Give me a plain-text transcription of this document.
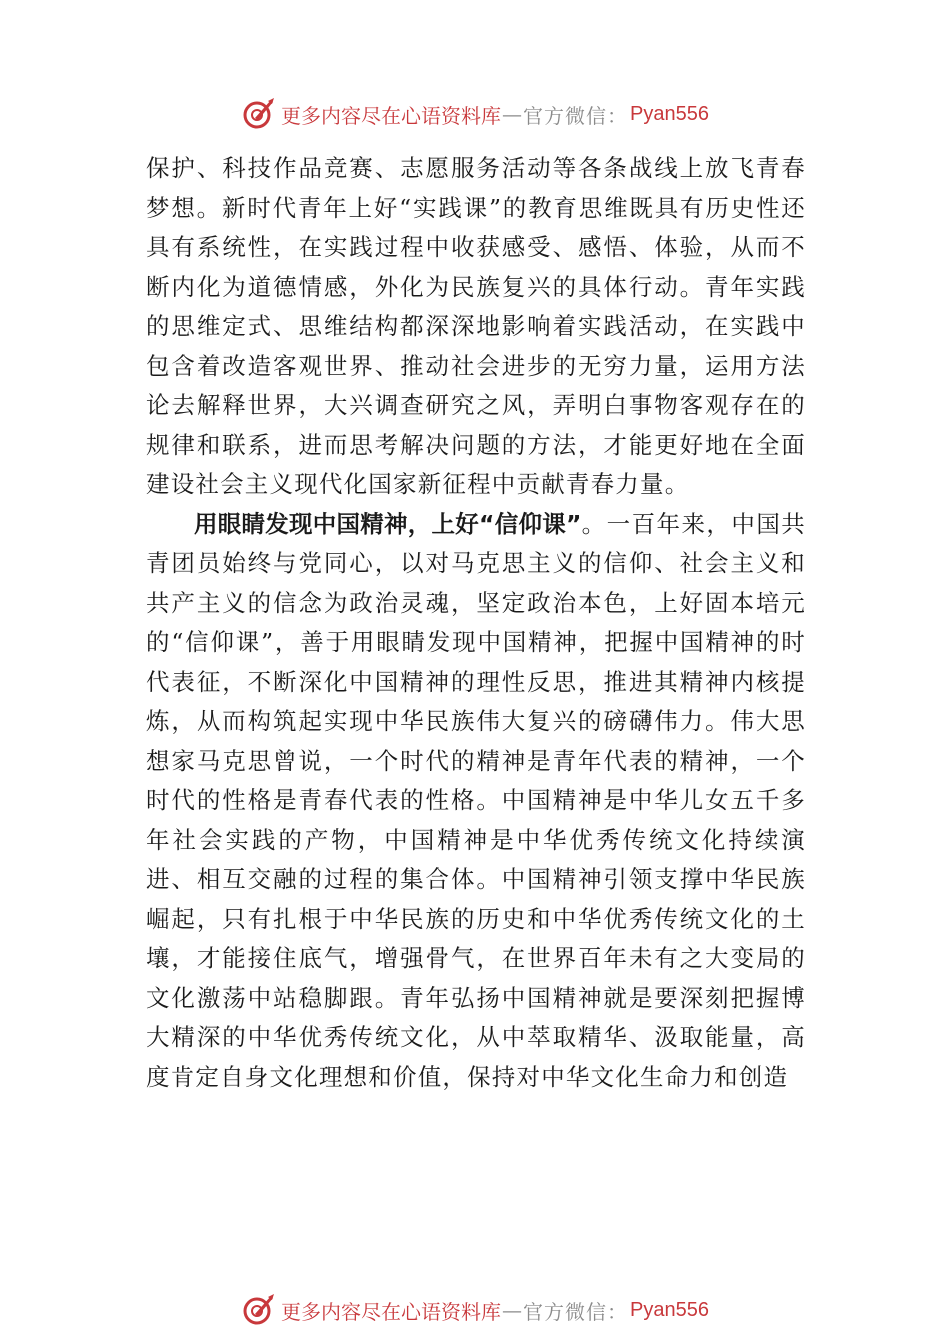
更多内容尽在心语资料库 — 官方微信： Pyan556

保护、科技作品竞赛、志愿服务活动等各条战线上放飞青春梦想。新时代青年上好“实践课”的教育思维既具有历史性还具有系统性，在实践过程中收获感受、感悟、体验，从而不断内化为道德情感，外化为民族复兴的具体行动。青年实践的思维定式、思维结构都深深地影响着实践活动，在实践中包含着改造客观世界、推动社会进步的无穷力量，运用方法论去解释世界，大兴调查研究之风，弄明白事物客观存在的规律和联系，进而思考解决问题的方法，才能更好地在全面建设社会主义现代化国家新征程中贡献青春力量。

用眼睛发现中国精神，上好“信仰课”。一百年来，中国共青团员始终与党同心，以对马克思主义的信仰、社会主义和共产主义的信念为政治灵魂，坚定政治本色，上好固本培元的“信仰课”，善于用眼睛发现中国精神，把握中国精神的时代表征，不断深化中国精神的理性反思，推进其精神内核提炼，从而构筑起实现中华民族伟大复兴的磅礴伟力。伟大思想家马克思曾说，一个时代的精神是青年代表的精神，一个时代的性格是青春代表的性格。中国精神是中华儿女五千多年社会实践的产物，中国精神是中华优秀传统文化持续演进、相互交融的过程的集合体。中国精神引领支撑中华民族崛起，只有扎根于中华民族的历史和中华优秀传统文化的土壤，才能接住底气，增强骨气，在世界百年未有之大变局的文化激荡中站稳脚跟。青年弘扬中国精神就是要深刻把握博大精深的中华优秀传统文化，从中萃取精华、汲取能量，高度肯定自身文化理想和价值，保持对中华文化生命力和创造

更多内容尽在心语资料库 — 官方微信： Pyan556
